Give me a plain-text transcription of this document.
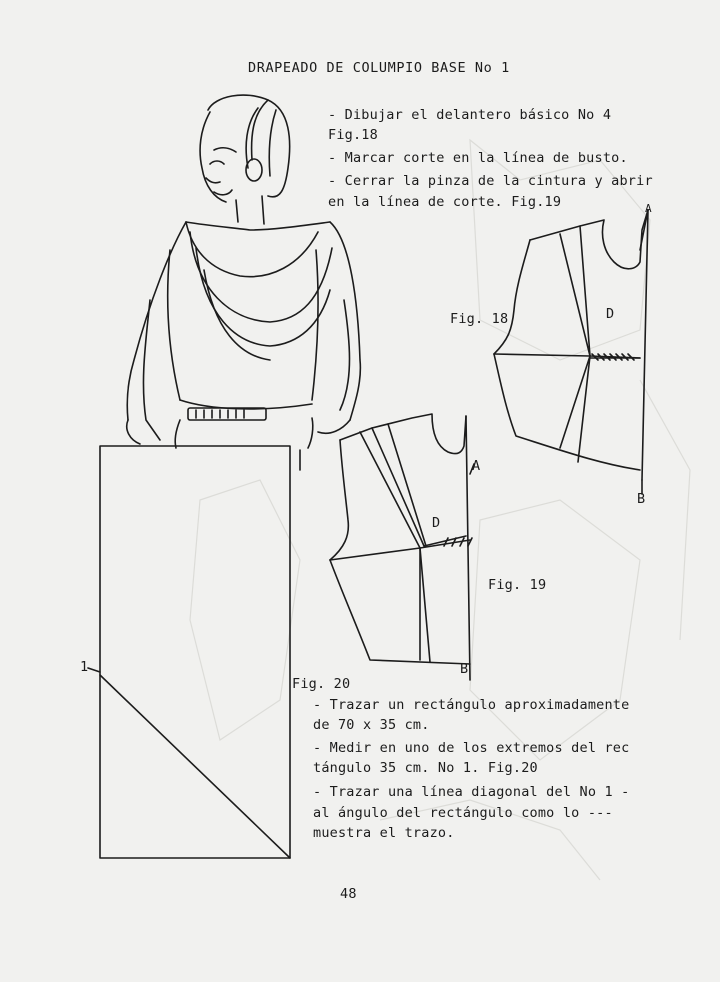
DRAPEADO DE COLUMPIO BASE No 1
- Dibujar el delantero básico No 4
Fig.18
- Marcar corte en la línea de busto.
- Cerrar la pinza de la cintura y abrir
en la línea de corte. Fig.19
Fig. 18	D
A
B
Fig. 19
D
A
B
Fig. 20
1
- Trazar un rectángulo aproximadamente
de 70 x 35 cm.
- Medir en uno de los extremos del rec
tángulo 35 cm. No 1. Fig.20
- Trazar una línea diagonal del No 1 -
al ángulo del rectángulo como lo ---
muestra el trazo.
48
